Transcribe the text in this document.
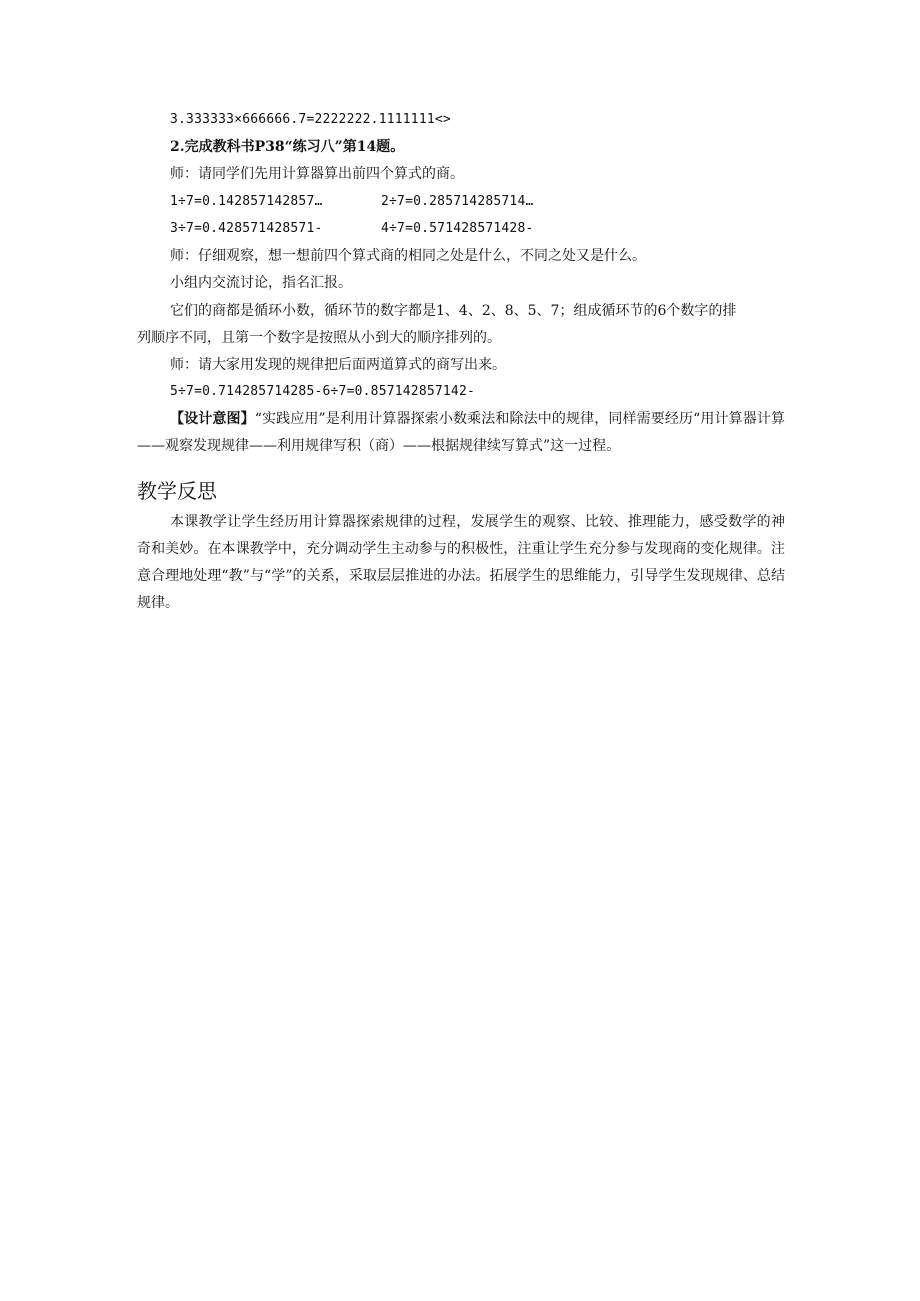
3.333333×666666.7=2222222.1111111<>
2.完成教科书P38“练习八”第14题。
师：请同学们先用计算器算出前四个算式的商。
1÷7=0.142857142857…	2÷7=0.285714285714…
3÷7=0.428571428571-	4÷7=0.571428571428-
师：仔细观察，想一想前四个算式商的相同之处是什么，不同之处又是什么。
小组内交流讨论，指名汇报。
它们的商都是循环小数，循环节的数字都是1、4、2、8、5、7；组成循环节的6个数字的排
列顺序不同，且第一个数字是按照从小到大的顺序排列的。
师：请大家用发现的规律把后面两道算式的商写出来。
5÷7=0.714285714285-6÷7=0.857142857142-
【设计意图】“实践应用”是利用计算器探索小数乘法和除法中的规律，同样需要经历“用计算器计算——观察发现规律——利用规律写积（商）——根据规律续写算式”这一过程。
教学反思
本课教学让学生经历用计算器探索规律的过程，发展学生的观察、比较、推理能力，感受数学的神奇和美妙。在本课教学中，充分调动学生主动参与的积极性，注重让学生充分参与发现商的变化规律。注意合理地处理“教”与“学”的关系，采取层层推进的办法。拓展学生的思维能力，引导学生发现规律、总结规律。
